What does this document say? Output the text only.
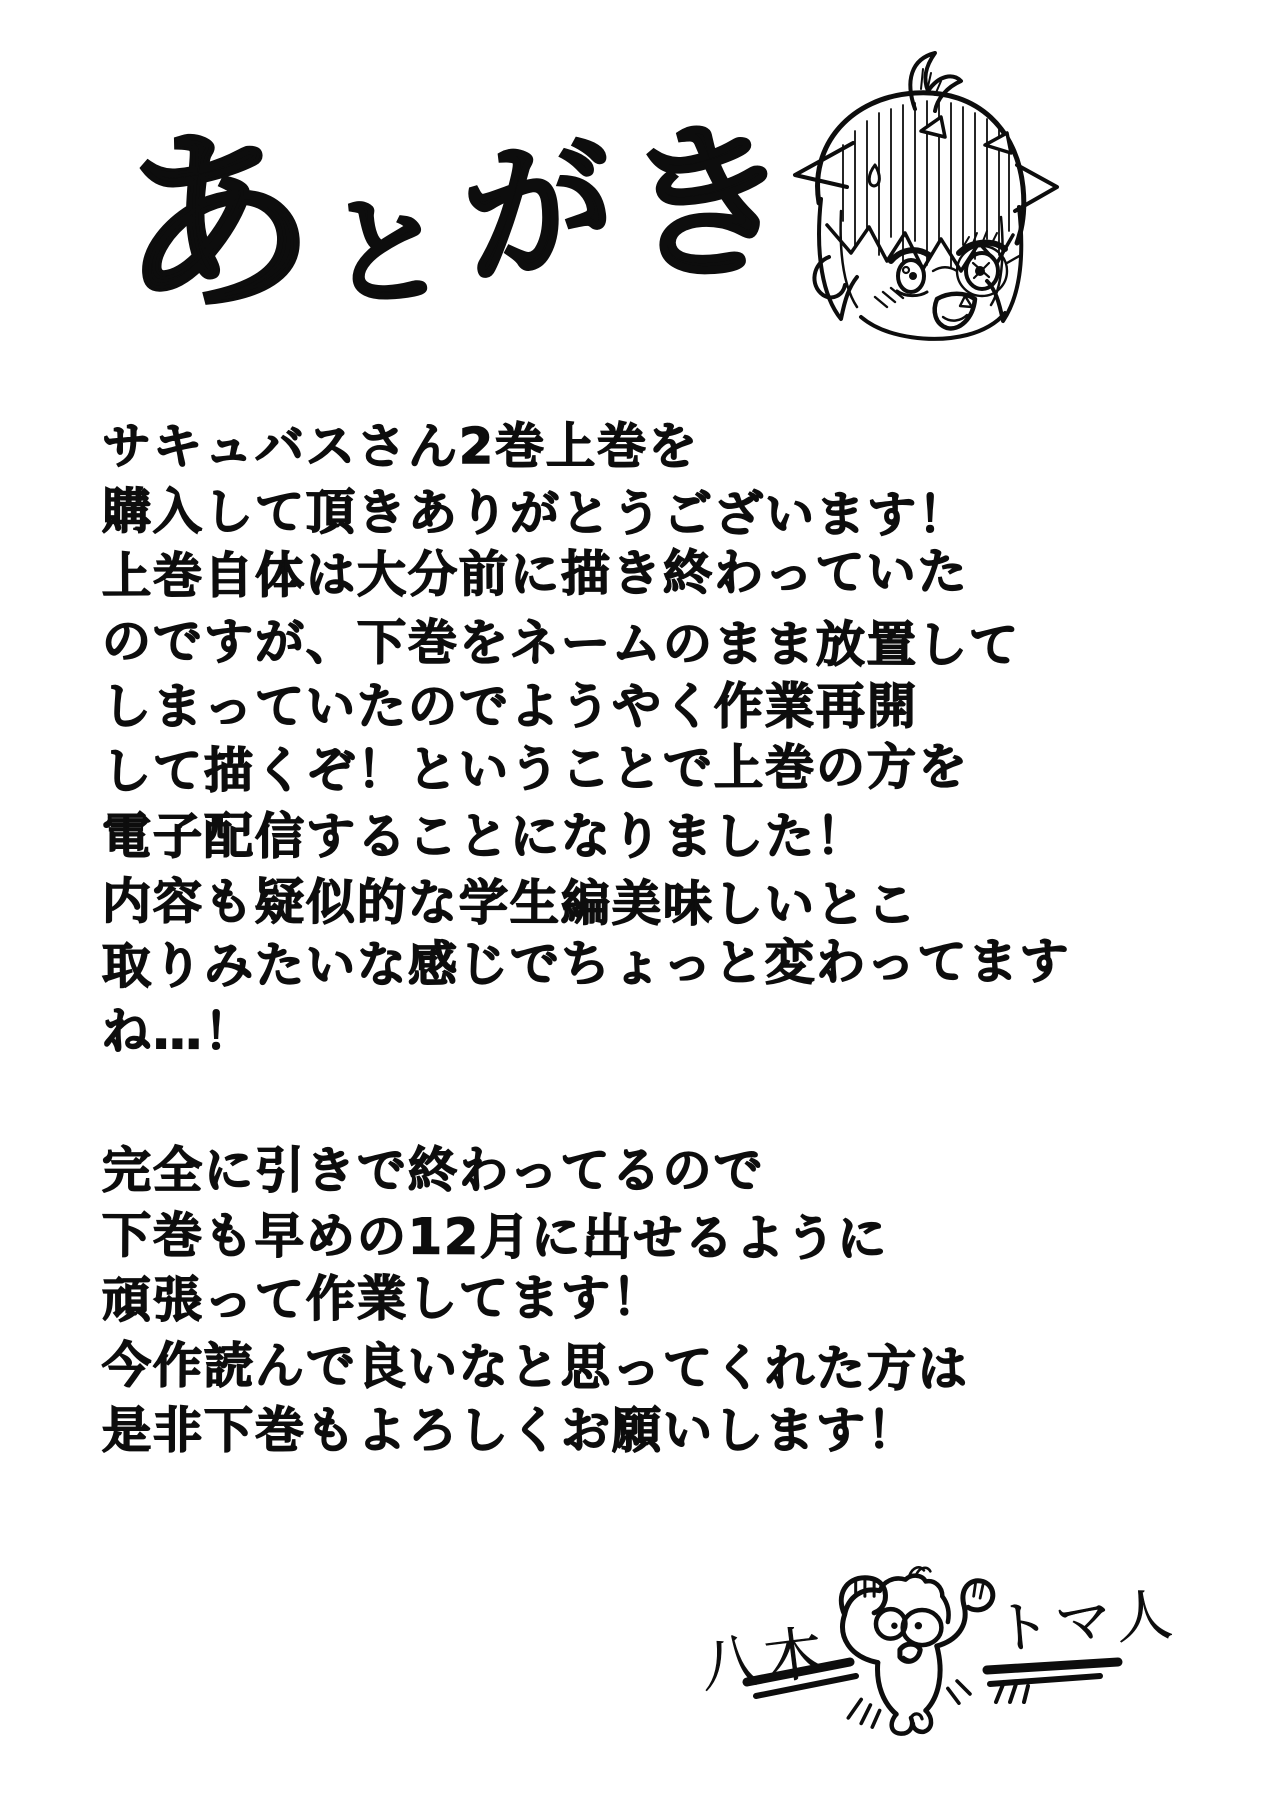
あ と が
き
サキュバスさん2巻上巻を
購入して頂きありがとうございます！
上巻自体は大分前に描き終わっていた
のですが、下巻をネームのまま放置して
しまっていたのでようやく作業再開
して描くぞ！ということで上巻の方を
電子配信することになりました！
内容も疑似的な学生編美味しいとこ
取りみたいな感じでちょっと変わってます
ね…！
完全に引きで終わってるので
下巻も早めの12月に出せるように
頑張って作業してます！
今作読んで良いなと思ってくれた方は
是非下巻もよろしくお願いします！
八木	トマ人
